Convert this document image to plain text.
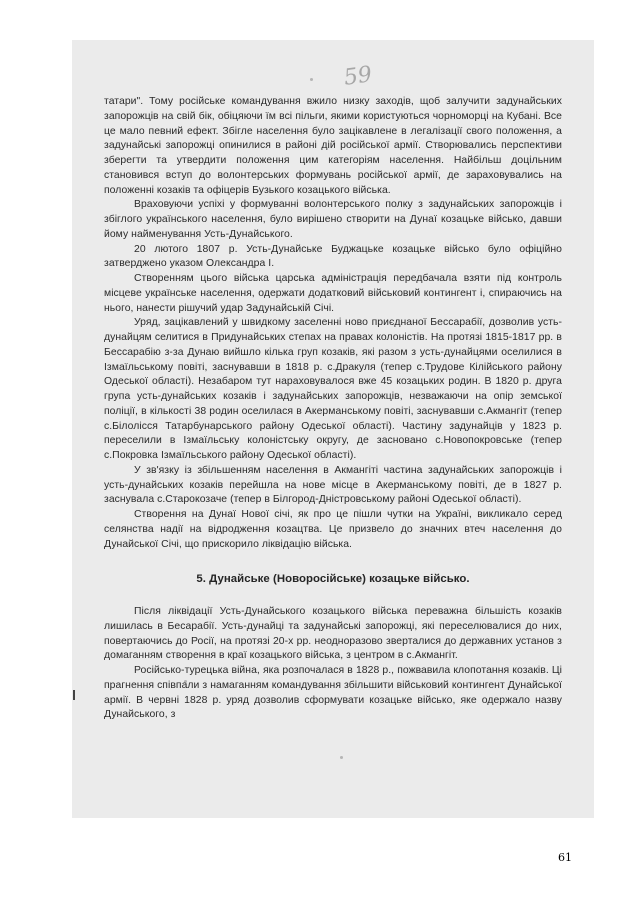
59

татари". Тому російське командування вжило низку заходів, щоб залучити задунайських запорожців на свій бік, обіцяючи їм всі пільги, якими користуються чорноморці на Кубані. Все це мало певний ефект. Збігле населення було зацікавлене в легалізації свого положення, а задунайські запорожці опинилися в районі дій російської армії. Створювались перспективи зберегти та утвердити положення цим категоріям населення. Найбільш доцільним становився вступ до волонтерських формувань російської армії, де зараховувались на положенні козаків та офіцерів Бузького козацького війська.

Враховуючи успіхі у формуванні волонтерського полку з задунайських запорожців і збіглого українського населення, було вирішено створити на Дунаї козацьке військо, давши йому найменування Усть-Дунайського.

20 лютого 1807 р. Усть-Дунайське Буджацьке козацьке військо було офіційно затверджено указом Олександра І.

Створенням цього війська царська адміністрація передбачала взяти під контроль місцеве українське населення, одержати додатковий військовий контингент і, спираючись на нього, нанести рішучий удар Задунайській Січі.

Уряд, зацікавлений у швидкому заселенні ново приєднаної Бессарабії, дозволив усть-дунайцям селитися в Придунайських степах на правах колоністів. На протязі 1815-1817 рр. в Бессарабію з-за Дунаю вийшло кілька груп козаків, які разом з усть-дунайцями оселилися в Ізмаїльському повіті, заснувавши в 1818 р. с.Дракуля (тепер с.Трудове Кілійського району Одеської області). Незабаром тут нараховувалося вже 45 козацьких родин. В 1820 р. друга група усть-дунайських козаків і задунайських запорожців, незважаючи на опір земської поліції, в кількості 38 родин оселилася в Акерманському повіті, заснувавши с.Акмангіт (тепер с.Білолісся Татарбунарського району Одеської області). Частину задунайців у 1823 р. переселили в Ізмаїльську колоністську округу, де засновано с.Новопокровське (тепер с.Покровка Ізмаїльського району Одеської області).

У зв'язку із збільшенням населення в Акмангіті частина задунайських запорожців і усть-дунайських козаків перейшла на нове місце в Акерманському повіті, де в 1827 р. заснувала с.Старокозаче (тепер в Білгород-Дністровському районі Одеської області).

Створення на Дунаї Нової січі, як про це пішли чутки на Україні, викликало серед селянства надії на відродження козацтва. Це призвело до значних втеч населення до Дунайської Січі, що прискорило ліквідацію війська.

5. Дунайське (Новоросійське) козацьке військо.

Після ліквідації Усть-Дунайського козацького війська переважна більшість козаків лишилась в Бесарабії. Усть-дунайці та задунайські запорожці, які переселювалися до них, повертаючись до Росії, на протязі 20-х рр. неодноразово зверталися до державних установ з домаганням створення в краї козацького війська, з центром в с.Акмангіт.

Російсько-турецька війна, яка розпочалася в 1828 р., пожвавила клопотання козаків. Ці прагнення співпали з намаганням командування збільшити військовий контингент Дунайської армії. В червні 1828 р. уряд дозволив сформувати козацьке військо, яке одержало назву Дунайського, з

61
